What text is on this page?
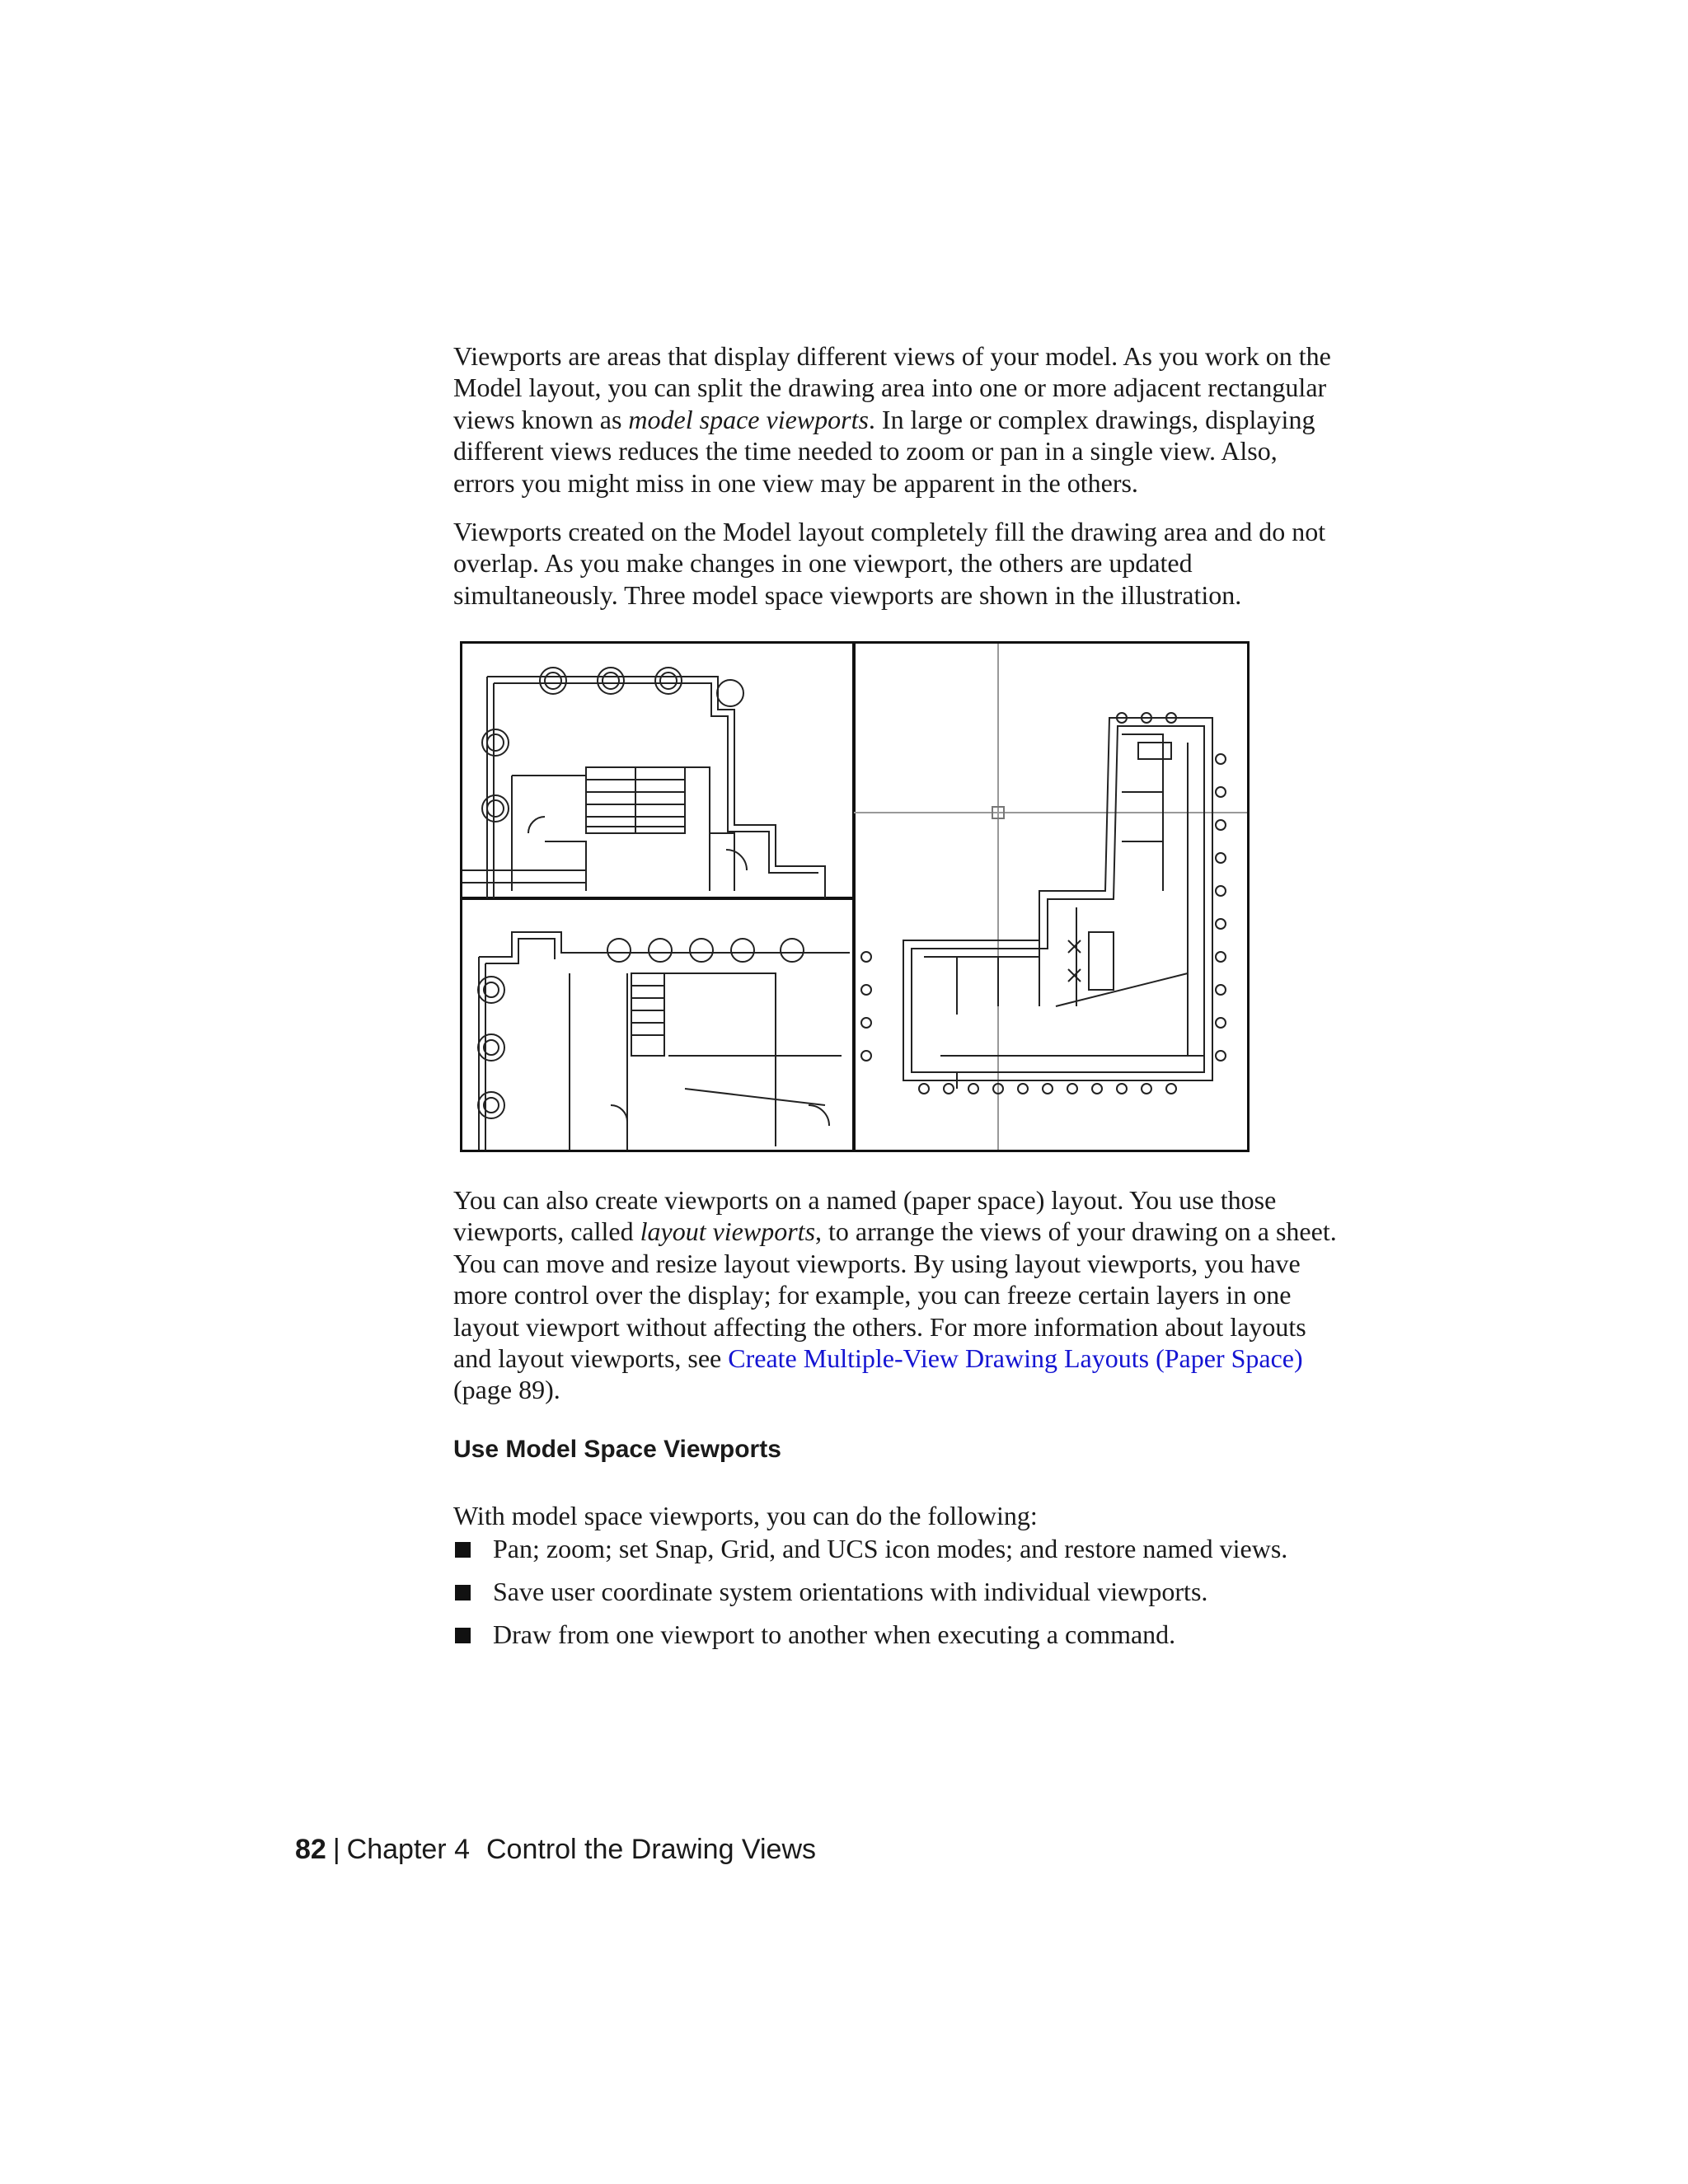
Viewports are areas that display different views of your model. As you work on the Model layout, you can split the drawing area into one or more adjacent rectangular views known as model space viewports. In large or complex drawings, displaying different views reduces the time needed to zoom or pan in a single view. Also, errors you might miss in one view may be apparent in the others.

Viewports created on the Model layout completely fill the drawing area and do not overlap. As you make changes in one viewport, the others are updated simultaneously. Three model space viewports are shown in the illustration.

You can also create viewports on a named (paper space) layout. You use those viewports, called layout viewports, to arrange the views of your drawing on a sheet. You can move and resize layout viewports. By using layout viewports, you have more control over the display; for example, you can freeze certain layers in one layout viewport without affecting the others. For more information about layouts and layout viewports, see Create Multiple-View Drawing Layouts (Paper Space) (page 89).

Use Model Space Viewports

With model space viewports, you can do the following:

Pan; zoom; set Snap, Grid, and UCS icon modes; and restore named views.
Save user coordinate system orientations with individual viewports.
Draw from one viewport to another when executing a command.

82 | Chapter 4 Control the Drawing Views
